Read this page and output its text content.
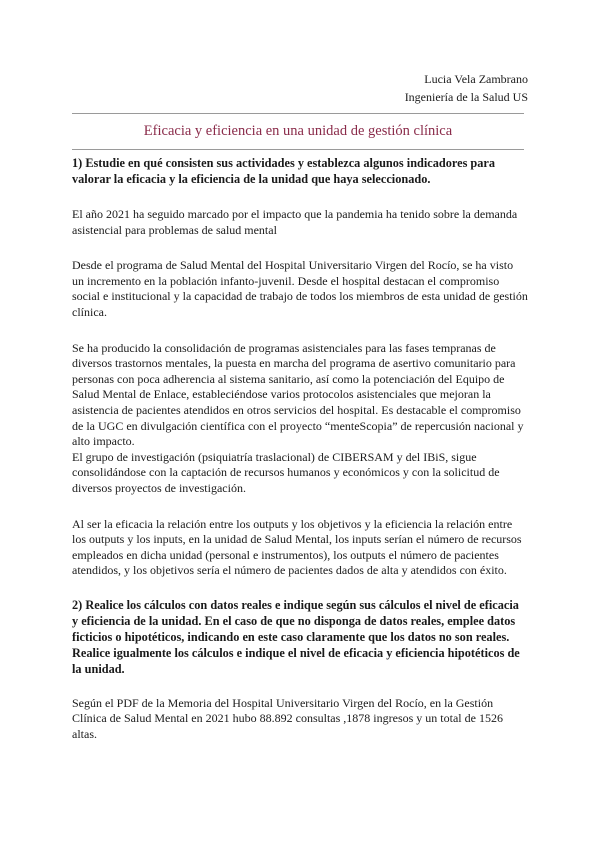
Lucia Vela Zambrano
Ingeniería de la Salud US
Eficacia y eficiencia en una unidad de gestión clínica

1) Estudie en qué consisten sus actividades y establezca algunos indicadores para valorar la eficacia y la eficiencia de la unidad que haya seleccionado.

El año 2021 ha seguido marcado por el impacto que la pandemia ha tenido sobre la demanda asistencial para problemas de salud mental

Desde el programa de Salud Mental del Hospital Universitario Virgen del Rocío, se ha visto un incremento en la población infanto-juvenil. Desde el hospital destacan el compromiso social e institucional y la capacidad de trabajo de todos los miembros de esta unidad de gestión clínica.

Se ha producido la consolidación de programas asistenciales para las fases tempranas de diversos trastornos mentales, la puesta en marcha del programa de asertivo comunitario para personas con poca adherencia al sistema sanitario, así como la potenciación del Equipo de Salud Mental de Enlace, estableciéndose varios protocolos asistenciales que mejoran la asistencia de pacientes atendidos en otros servicios del hospital. Es destacable el compromiso de la UGC en divulgación científica con el proyecto “menteScopia” de repercusión nacional y alto impacto.

El grupo de investigación (psiquiatría traslacional) de CIBERSAM y del IBiS, sigue consolidándose con la captación de recursos humanos y económicos y con la solicitud de diversos proyectos de investigación.

Al ser la eficacia la relación entre los outputs y los objetivos y la eficiencia la relación entre los outputs y los inputs, en la unidad de Salud Mental, los inputs serían el número de recursos empleados en dicha unidad (personal e instrumentos), los outputs el número de pacientes atendidos, y los objetivos sería el número de pacientes dados de alta y atendidos con éxito.

2) Realice los cálculos con datos reales e indique según sus cálculos el nivel de eficacia y eficiencia de la unidad. En el caso de que no disponga de datos reales, emplee datos ficticios o hipotéticos, indicando en este caso claramente que los datos no son reales. Realice igualmente los cálculos e indique el nivel de eficacia y eficiencia hipotéticos de la unidad.

Según el PDF de la Memoria del Hospital Universitario Virgen del Rocío, en la Gestión Clínica de Salud Mental en 2021 hubo 88.892 consultas ,1878 ingresos y un total de 1526 altas.
